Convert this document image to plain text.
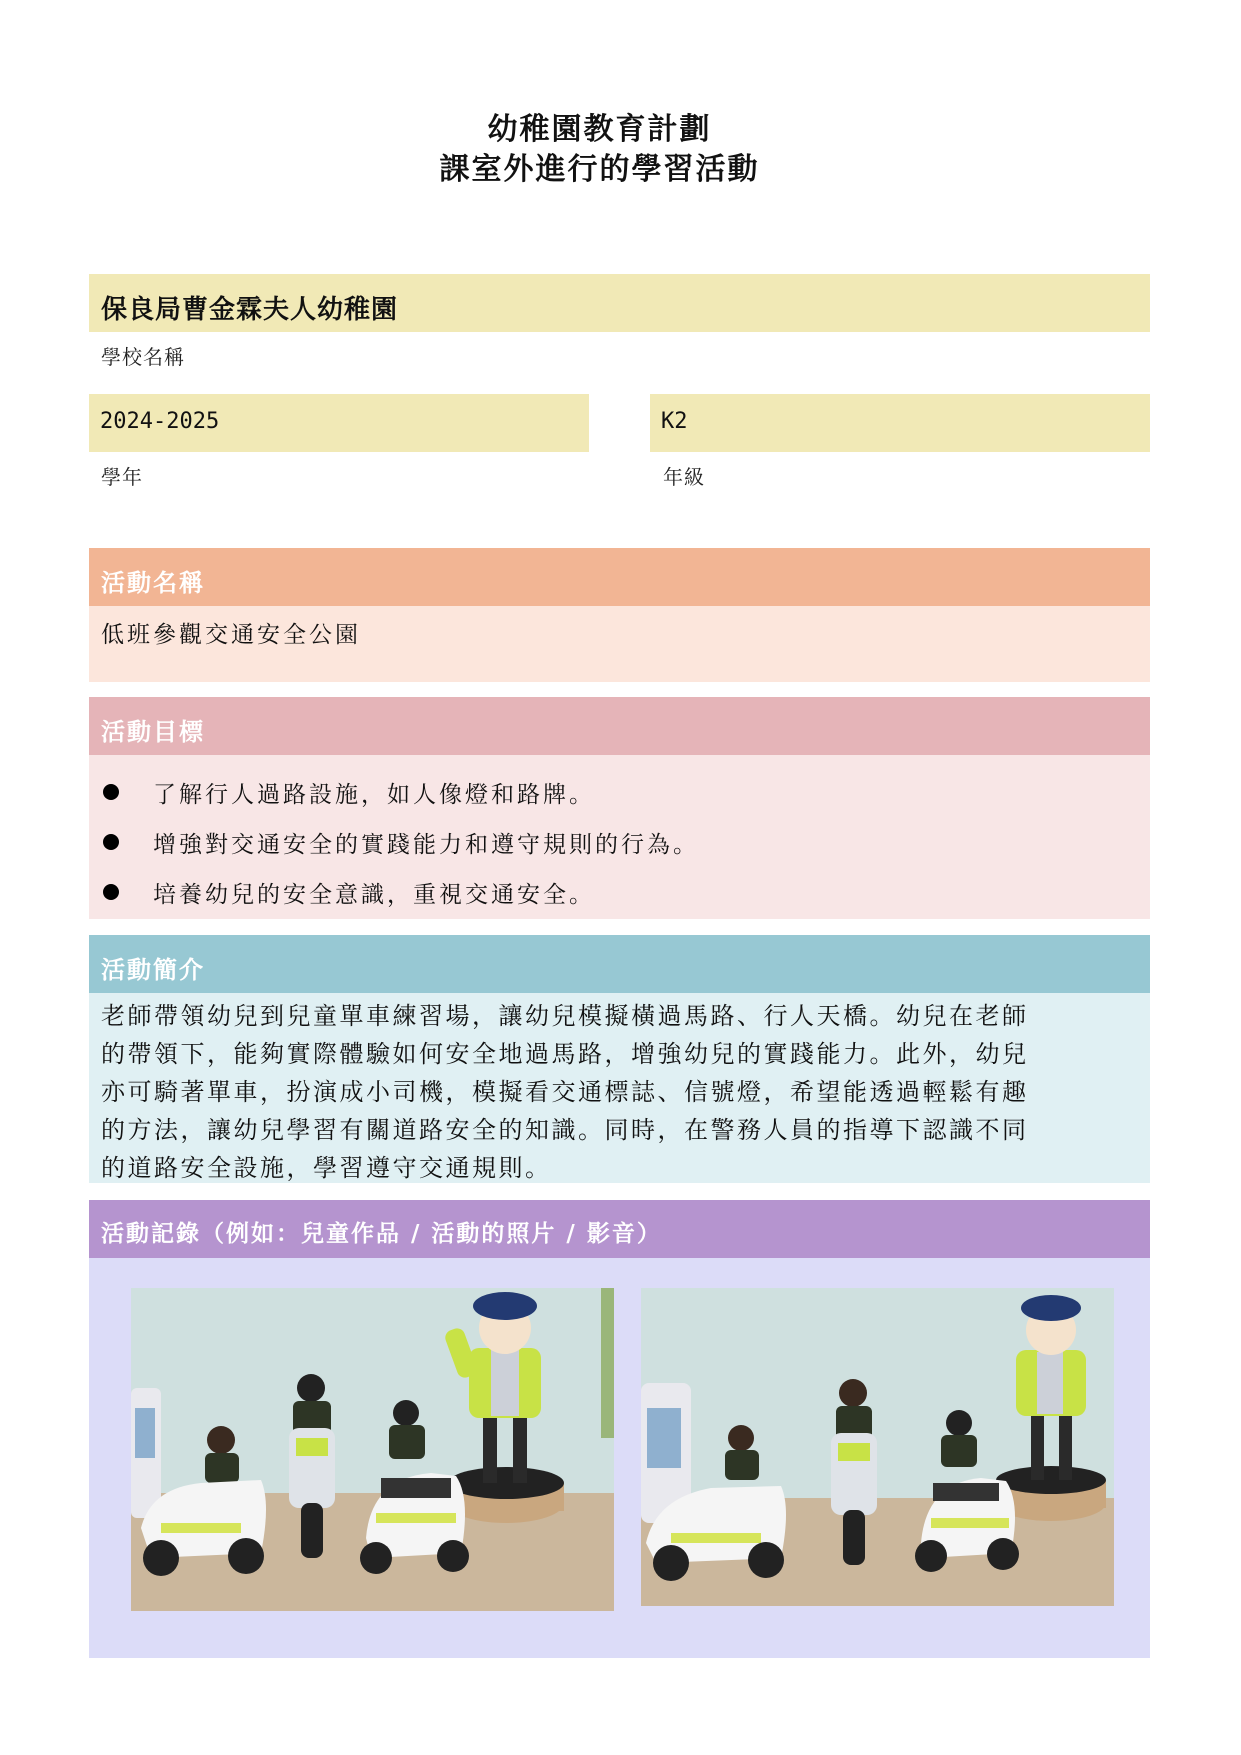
幼稚園教育計劃
課室外進行的學習活動
保良局曹金霖夫人幼稚園
學校名稱
2024-2025	K2
學年	年級
活動名稱
低班參觀交通安全公園
活動目標
了解行人過路設施，如人像燈和路牌。
增強對交通安全的實踐能力和遵守規則的行為。
培養幼兒的安全意識，重視交通安全。
活動簡介
老師帶領幼兒到兒童單車練習場，讓幼兒模擬橫過馬路、行人天橋。幼兒在老師
的帶領下，能夠實際體驗如何安全地過馬路，增強幼兒的實踐能力。此外，幼兒
亦可騎著單車，扮演成小司機，模擬看交通標誌、信號燈，希望能透過輕鬆有趣
的方法，讓幼兒學習有關道路安全的知識。同時，在警務人員的指導下認識不同
的道路安全設施，學習遵守交通規則。
活動記錄（例如：兒童作品 / 活動的照片 / 影音）
